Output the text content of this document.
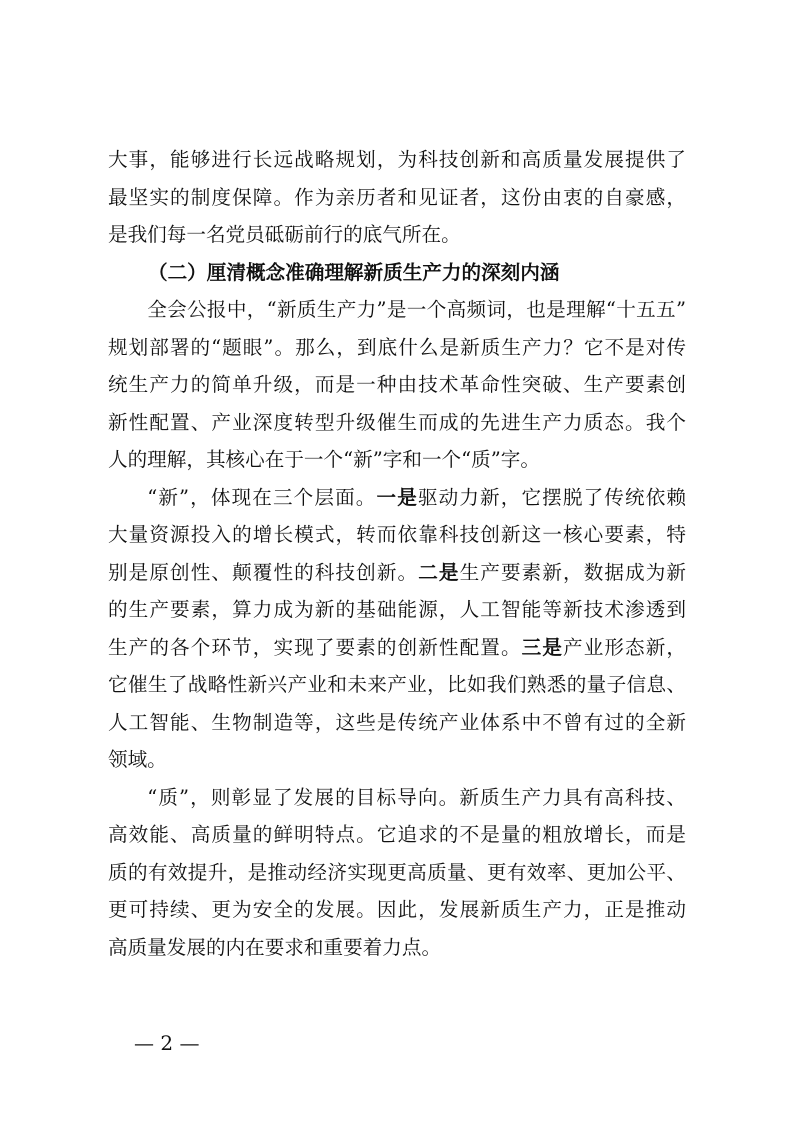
大事，能够进行长远战略规划，为科技创新和高质量发展提供了
最坚实的制度保障。作为亲历者和见证者，这份由衷的自豪感，
是我们每一名党员砥砺前行的底气所在。
（二）厘清概念准确理解新质生产力的深刻内涵
全会公报中，“新质生产力”是一个高频词，也是理解“十五五”
规划部署的“题眼”。那么，到底什么是新质生产力？它不是对传
统生产力的简单升级，而是一种由技术革命性突破、生产要素创
新性配置、产业深度转型升级催生而成的先进生产力质态。我个
人的理解，其核心在于一个“新”字和一个“质”字。
“新”，体现在三个层面。一是驱动力新，它摆脱了传统依赖
大量资源投入的增长模式，转而依靠科技创新这一核心要素，特
别是原创性、颠覆性的科技创新。二是生产要素新，数据成为新
的生产要素，算力成为新的基础能源，人工智能等新技术渗透到
生产的各个环节，实现了要素的创新性配置。三是产业形态新，
它催生了战略性新兴产业和未来产业，比如我们熟悉的量子信息、
人工智能、生物制造等，这些是传统产业体系中不曾有过的全新
领域。
“质”，则彰显了发展的目标导向。新质生产力具有高科技、
高效能、高质量的鲜明特点。它追求的不是量的粗放增长，而是
质的有效提升，是推动经济实现更高质量、更有效率、更加公平、
更可持续、更为安全的发展。因此，发展新质生产力，正是推动
高质量发展的内在要求和重要着力点。
— 2 —
